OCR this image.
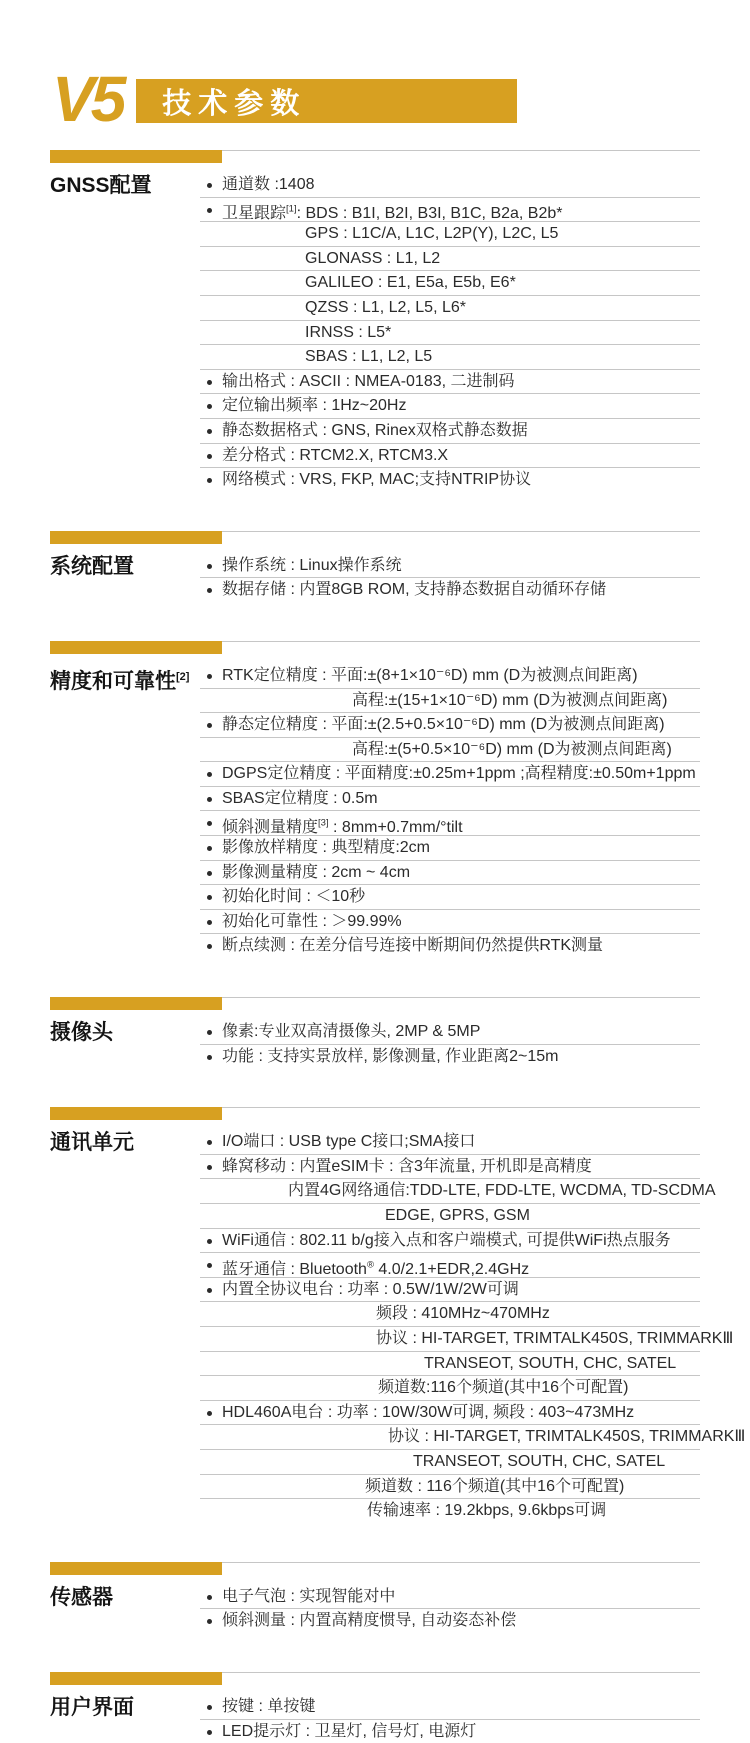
V5 技术参数
GNSS配置	通道数 :1408
卫星跟踪[1]: BDS : B1I, B2I, B3I, B1C, B2a, B2b*
GPS : L1C/A, L1C, L2P(Y), L2C, L5
GLONASS : L1, L2
GALILEO : E1, E5a, E5b, E6*
QZSS : L1, L2, L5, L6*
IRNSS : L5*
SBAS : L1, L2, L5
输出格式 : ASCII : NMEA-0183, 二进制码
定位输出频率 : 1Hz~20Hz
静态数据格式 : GNS, Rinex双格式静态数据
差分格式 : RTCM2.X, RTCM3.X
网络模式 : VRS, FKP, MAC;支持NTRIP协议
系统配置	操作系统 : Linux操作系统
数据存储 : 内置8GB ROM, 支持静态数据自动循环存储
精度和可靠性[2]	RTK定位精度 : 平面:±(8+1×10⁻⁶D) mm (D为被测点间距离)
高程:±(15+1×10⁻⁶D) mm (D为被测点间距离)
静态定位精度 : 平面:±(2.5+0.5×10⁻⁶D) mm (D为被测点间距离)
高程:±(5+0.5×10⁻⁶D) mm (D为被测点间距离)
DGPS定位精度 : 平面精度:±0.25m+1ppm ;高程精度:±0.50m+1ppm
SBAS定位精度 : 0.5m
倾斜测量精度[3] : 8mm+0.7mm/°tilt
影像放样精度 : 典型精度:2cm
影像测量精度 : 2cm ~ 4cm
初始化时间 : ＜10秒
初始化可靠性 : ＞99.99%
断点续测 : 在差分信号连接中断期间仍然提供RTK测量
摄像头	像素:专业双高清摄像头, 2MP & 5MP
功能 : 支持实景放样, 影像测量, 作业距离2~15m
通讯单元	I/O端口 : USB type C接口;SMA接口
蜂窝移动 : 内置eSIM卡 : 含3年流量, 开机即是高精度
内置4G网络通信:TDD-LTE, FDD-LTE, WCDMA, TD-SCDMA
EDGE, GPRS, GSM
WiFi通信 : 802.11 b/g接入点和客户端模式, 可提供WiFi热点服务
蓝牙通信 : Bluetooth® 4.0/2.1+EDR,2.4GHz
内置全协议电台 : 功率 : 0.5W/1W/2W可调
频段 : 410MHz~470MHz
协议 : HI-TARGET, TRIMTALK450S, TRIMMARKⅢ
TRANSEOT, SOUTH, CHC, SATEL
频道数:116个频道(其中16个可配置)
HDL460A电台 : 功率 : 10W/30W可调, 频段 : 403~473MHz
协议 : HI-TARGET, TRIMTALK450S, TRIMMARKⅢ
TRANSEOT, SOUTH, CHC, SATEL
频道数 : 116个频道(其中16个可配置)
传输速率 : 19.2kbps, 9.6kbps可调
传感器	电子气泡 : 实现智能对中
倾斜测量 : 内置高精度惯导, 自动姿态补偿
用户界面	按键 : 单按键
LED提示灯 : 卫星灯, 信号灯, 电源灯
